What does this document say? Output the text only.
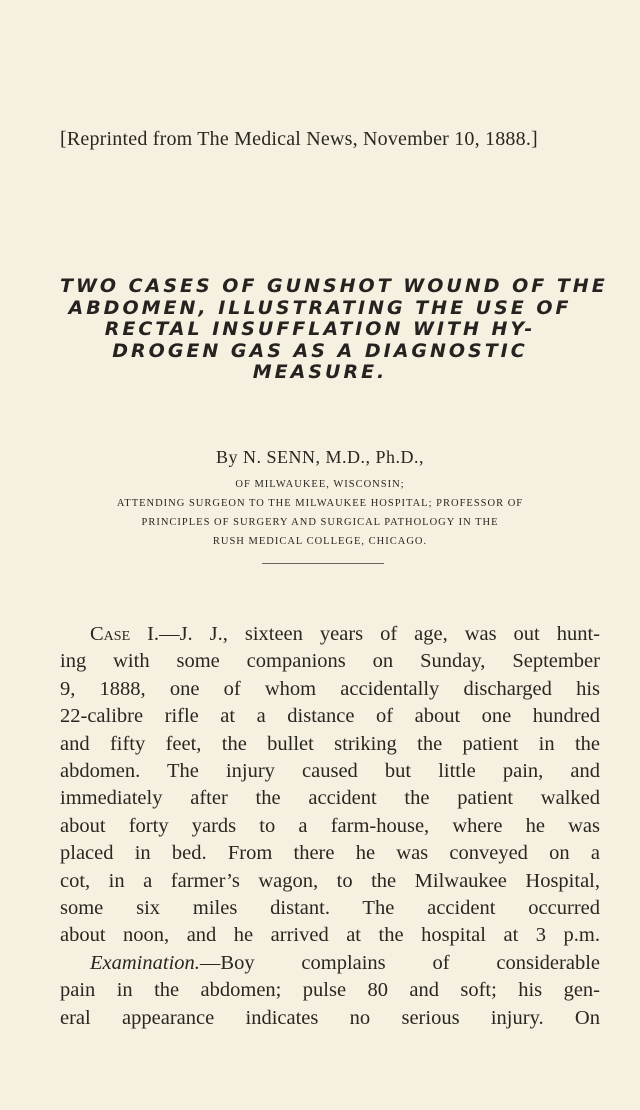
[Reprinted from The Medical News, November 10, 1888.]
TWO CASES OF GUNSHOT WOUND OF THE
ABDOMEN, ILLUSTRATING THE USE OF
RECTAL INSUFFLATION WITH HY-
DROGEN GAS AS A DIAGNOSTIC
MEASURE.
By N. SENN, M.D., Ph.D.,
OF MILWAUKEE, WISCONSIN;
ATTENDING SURGEON TO THE MILWAUKEE HOSPITAL; PROFESSOR OF
PRINCIPLES OF SURGERY AND SURGICAL PATHOLOGY IN THE
RUSH MEDICAL COLLEGE, CHICAGO.
Case I.—J. J., sixteen years of age, was out hunt-
ing with some companions on Sunday, September
9, 1888, one of whom accidentally discharged his
22-calibre rifle at a distance of about one hundred
and fifty feet, the bullet striking the patient in the
abdomen. The injury caused but little pain, and
immediately after the accident the patient walked
about forty yards to a farm-house, where he was
placed in bed. From there he was conveyed on a
cot, in a farmer’s wagon, to the Milwaukee Hospital,
some six miles distant. The accident occurred
about noon, and he arrived at the hospital at 3 p.m.
Examination.—Boy complains of considerable
pain in the abdomen; pulse 80 and soft; his gen-
eral appearance indicates no serious injury. On
